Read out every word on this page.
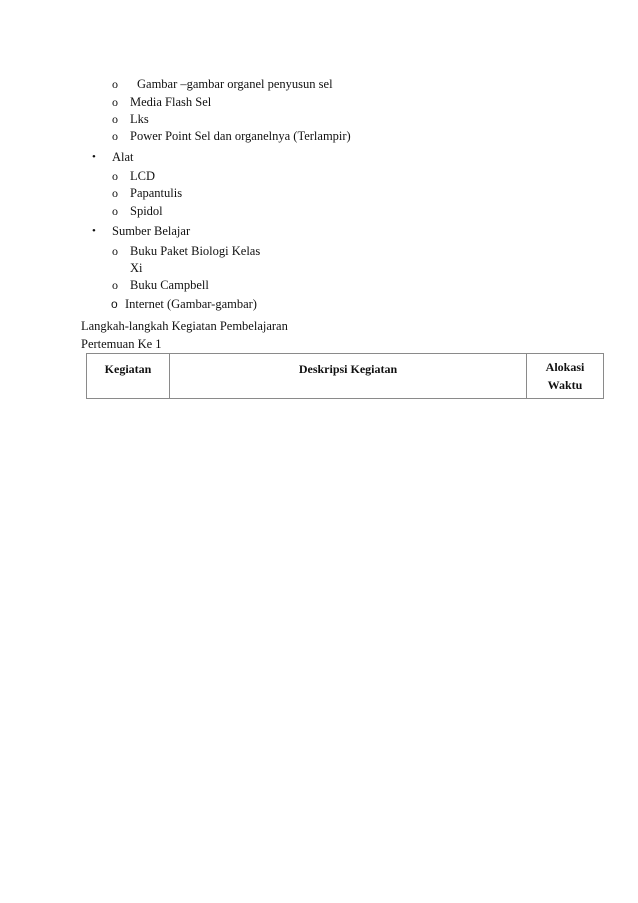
o Gambar –gambar organel penyusun sel
o Media Flash Sel
o Lks
o Power Point Sel dan organelnya (Terlampir)
• Alat
o LCD
o Papantulis
o Spidol
• Sumber Belajar
o Buku Paket Biologi Kelas
Xi
o Buku Campbell
o Internet (Gambar-gambar)
Langkah-langkah Kegiatan Pembelajaran
Pertemuan Ke 1
Kegiatan	Deskripsi Kegiatan	Alokasi
Waktu
